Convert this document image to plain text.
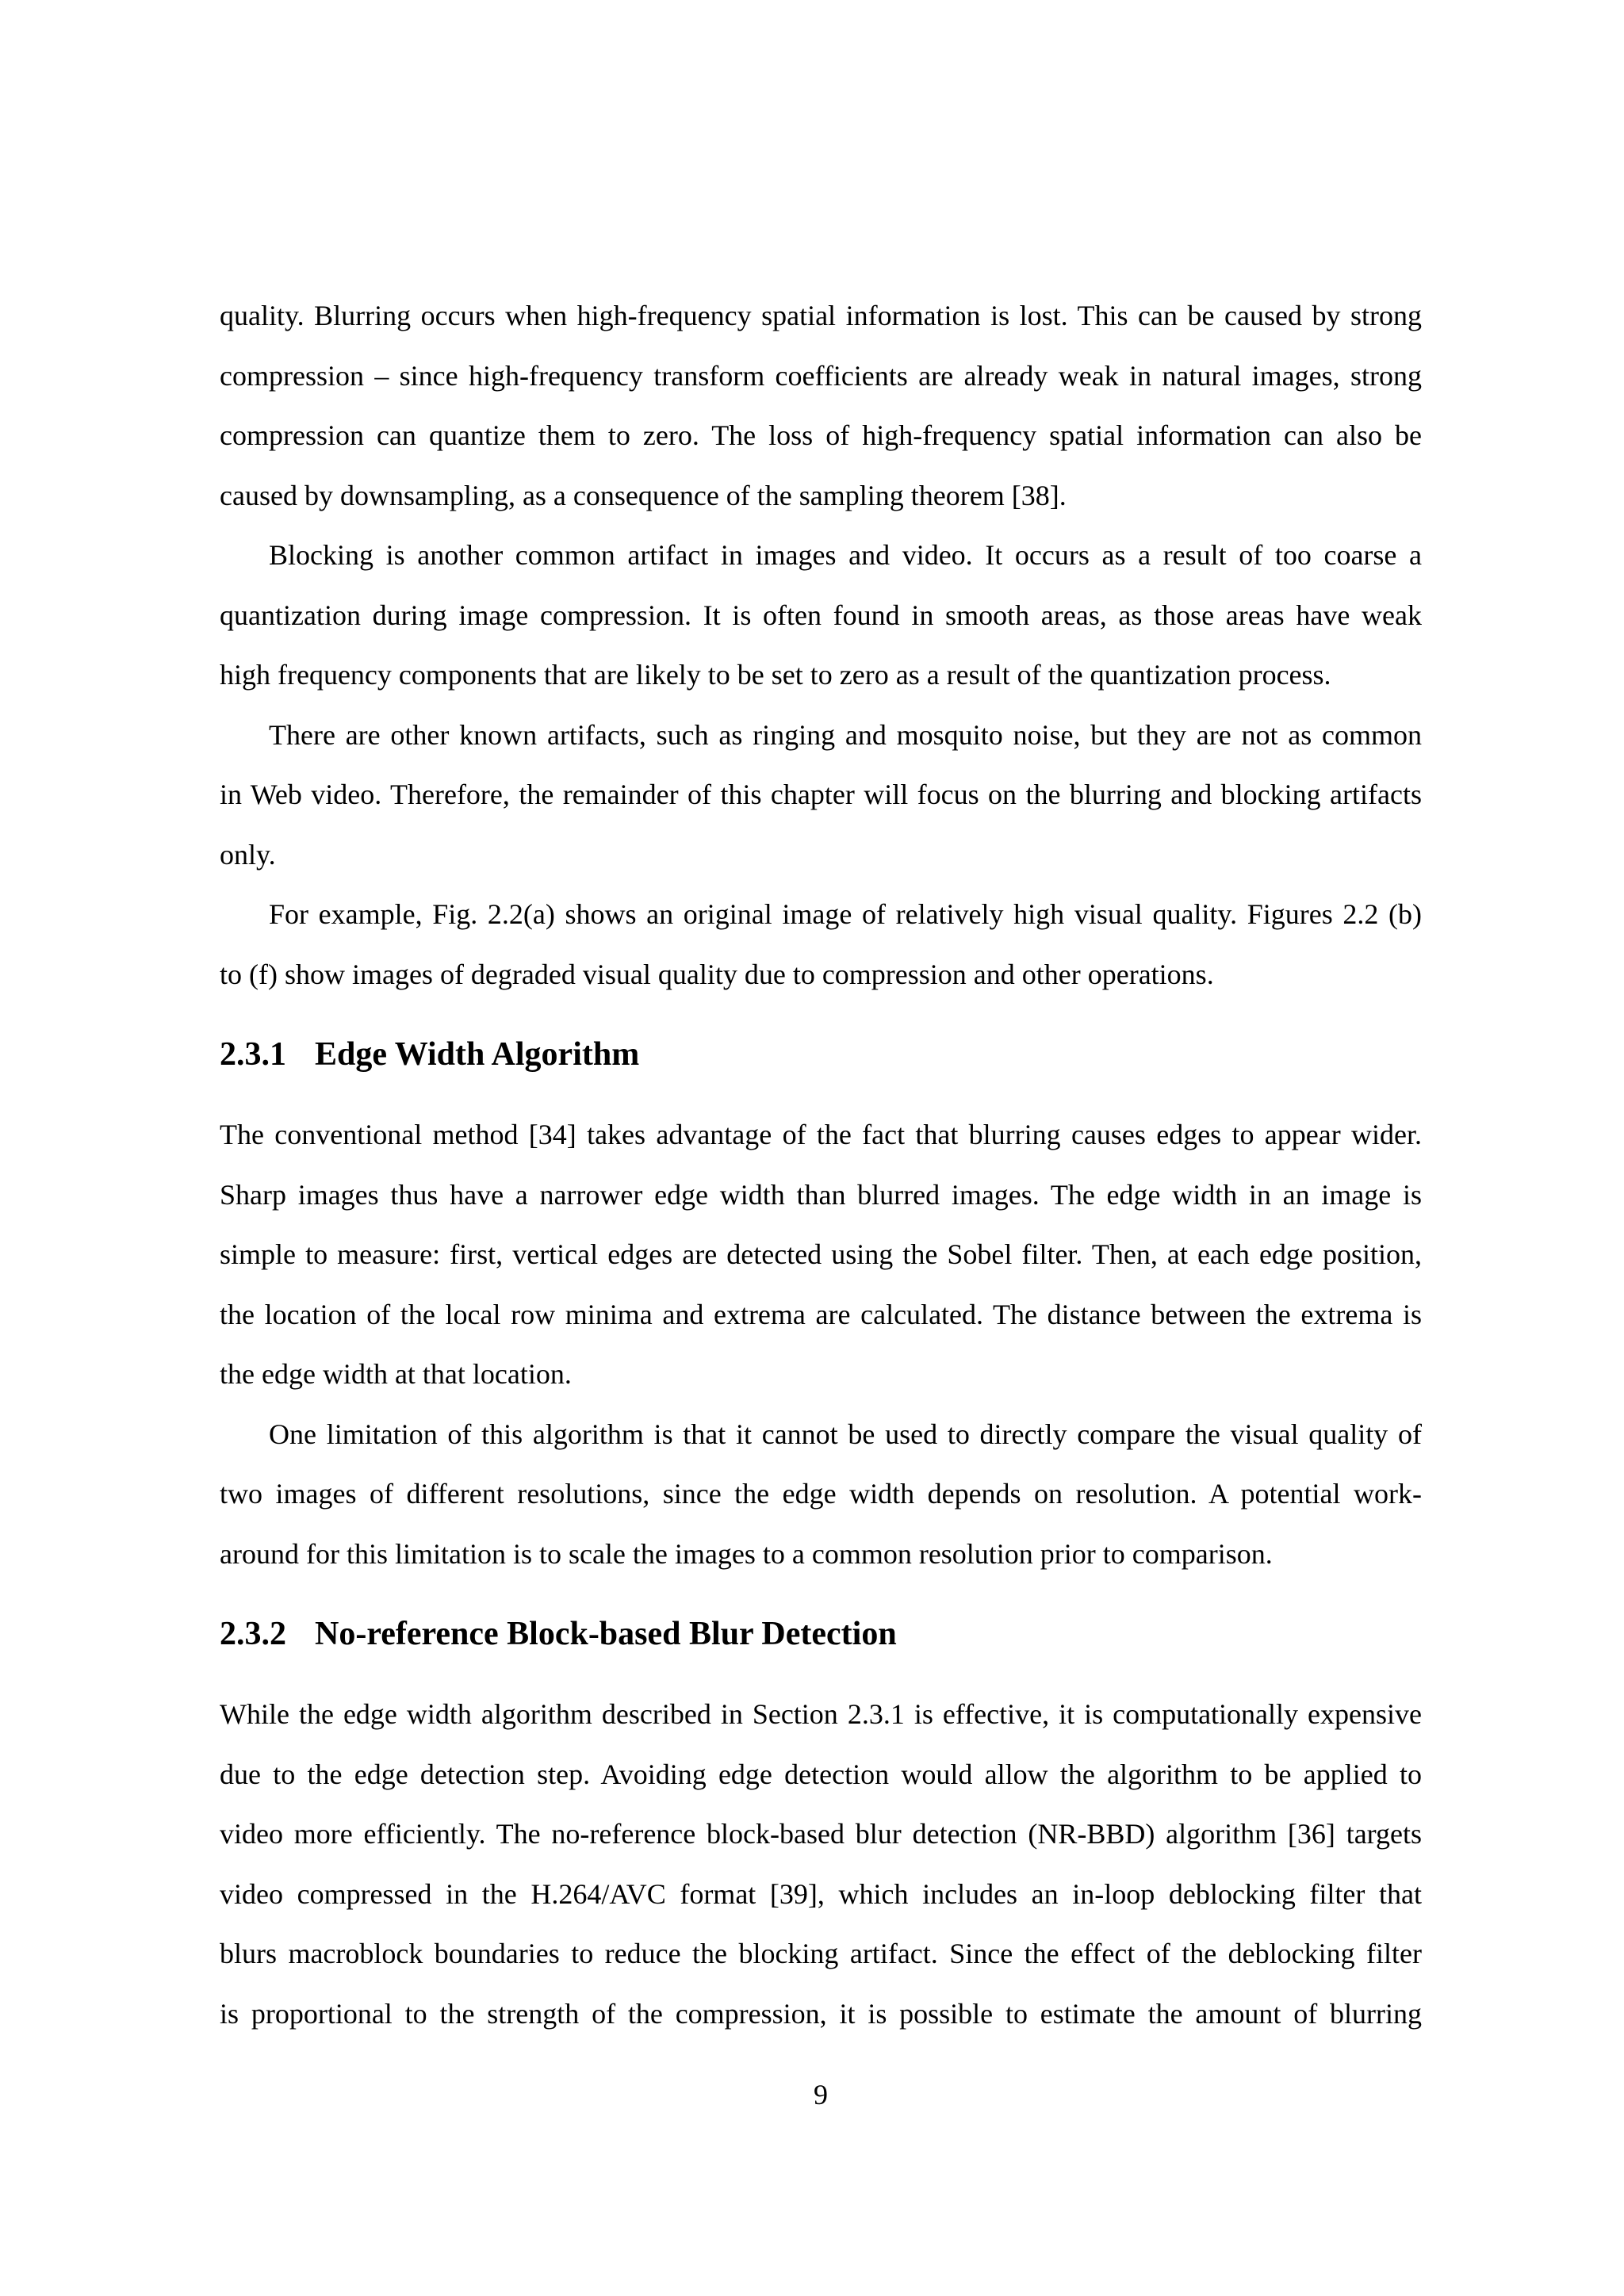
quality. Blurring occurs when high-frequency spatial information is lost. This can be caused by strong
compression – since high-frequency transform coefficients are already weak in natural images, strong
compression can quantize them to zero. The loss of high-frequency spatial information can also be
caused by downsampling, as a consequence of the sampling theorem [38].
Blocking is another common artifact in images and video. It occurs as a result of too coarse a
quantization during image compression. It is often found in smooth areas, as those areas have weak
high frequency components that are likely to be set to zero as a result of the quantization process.
There are other known artifacts, such as ringing and mosquito noise, but they are not as common
in Web video. Therefore, the remainder of this chapter will focus on the blurring and blocking artifacts
only.
For example, Fig. 2.2(a) shows an original image of relatively high visual quality. Figures 2.2 (b)
to (f) show images of degraded visual quality due to compression and other operations.
2.3.1 Edge Width Algorithm
The conventional method [34] takes advantage of the fact that blurring causes edges to appear wider.
Sharp images thus have a narrower edge width than blurred images. The edge width in an image is
simple to measure: first, vertical edges are detected using the Sobel filter. Then, at each edge position,
the location of the local row minima and extrema are calculated. The distance between the extrema is
the edge width at that location.
One limitation of this algorithm is that it cannot be used to directly compare the visual quality of
two images of different resolutions, since the edge width depends on resolution. A potential work-
around for this limitation is to scale the images to a common resolution prior to comparison.
2.3.2 No-reference Block-based Blur Detection
While the edge width algorithm described in Section 2.3.1 is effective, it is computationally expensive
due to the edge detection step. Avoiding edge detection would allow the algorithm to be applied to
video more efficiently. The no-reference block-based blur detection (NR-BBD) algorithm [36] targets
video compressed in the H.264/AVC format [39], which includes an in-loop deblocking filter that
blurs macroblock boundaries to reduce the blocking artifact. Since the effect of the deblocking filter
is proportional to the strength of the compression, it is possible to estimate the amount of blurring
9
